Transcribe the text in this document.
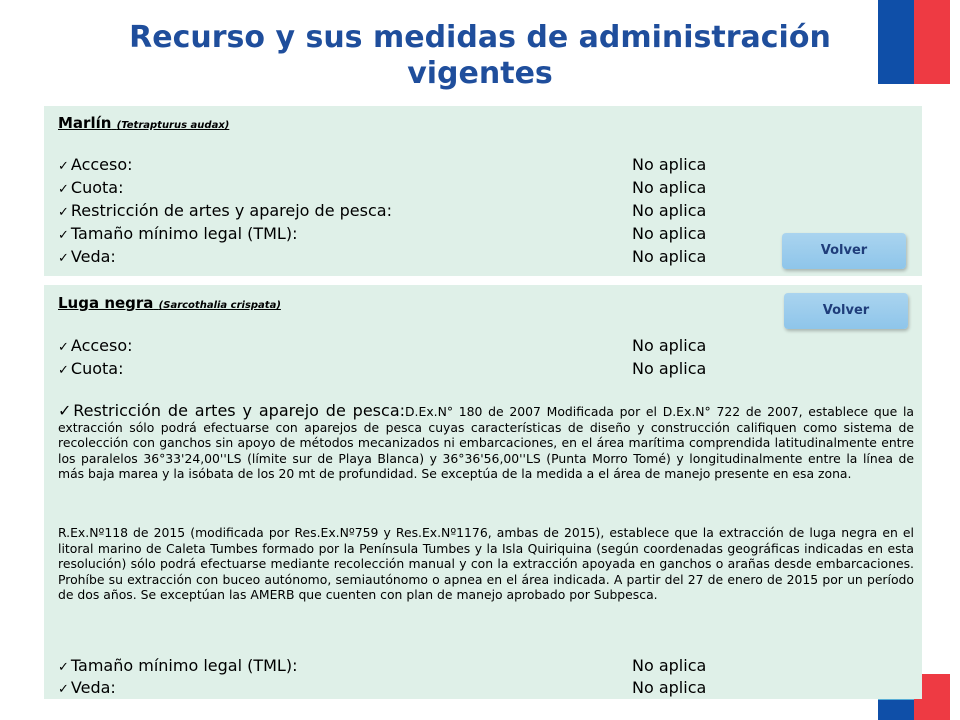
Recurso y sus medidas de administración vigentes
Marlín (Tetrapturus audax)
✓ Acceso:	No aplica
✓ Cuota:	No aplica
✓ Restricción de artes y aparejo de pesca:	No aplica
✓ Tamaño mínimo legal (TML):	No aplica
✓ Veda:	No aplica	Volver
Luga negra (Sarcothalia crispata)	Volver
✓ Acceso:	No aplica
✓ Cuota:	No aplica
✓Restricción de artes y aparejo de pesca:D.Ex.N° 180 de 2007 Modificada por el D.Ex.N° 722 de 2007, establece que la extracción sólo podrá efectuarse con aparejos de pesca cuyas características de diseño y construcción califiquen como sistema de recolección con ganchos sin apoyo de métodos mecanizados ni embarcaciones, en el área marítima comprendida latitudinalmente entre los paralelos 36°33'24,00''LS (límite sur de Playa Blanca) y 36°36'56,00''LS (Punta Morro Tomé) y longitudinalmente entre la línea de más baja marea y la isóbata de los 20 mt de profundidad. Se exceptúa de la medida a el área de manejo presente en esa zona.
R.Ex.Nº118 de 2015 (modificada por Res.Ex.Nº759 y Res.Ex.Nº1176, ambas de 2015), establece que la extracción de luga negra en el litoral marino de Caleta Tumbes formado por la Península Tumbes y la Isla Quiriquina (según coordenadas geográficas indicadas en esta resolución) sólo podrá efectuarse mediante recolección manual y con la extracción apoyada en ganchos o arañas desde embarcaciones. Prohíbe su extracción con buceo autónomo, semiautónomo o apnea en el área indicada. A partir del 27 de enero de 2015 por un período de dos años. Se exceptúan las AMERB que cuenten con plan de manejo aprobado por Subpesca.
✓ Tamaño mínimo legal (TML):	No aplica
✓ Veda:	No aplica
